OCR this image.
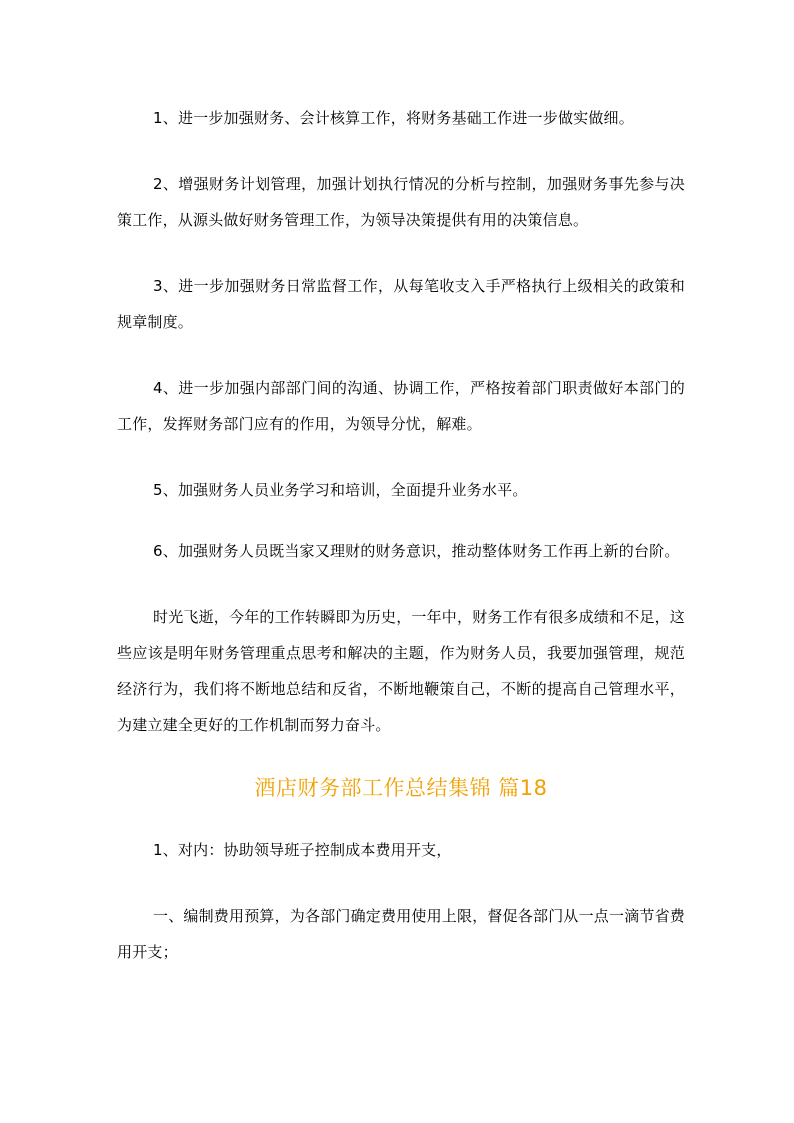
1、进一步加强财务、会计核算工作，将财务基础工作进一步做实做细。

2、增强财务计划管理，加强计划执行情况的分析与控制，加强财务事先参与决策工作，从源头做好财务管理工作，为领导决策提供有用的决策信息。

3、进一步加强财务日常监督工作，从每笔收支入手严格执行上级相关的政策和规章制度。

4、进一步加强内部部门间的沟通、协调工作，严格按着部门职责做好本部门的工作，发挥财务部门应有的作用，为领导分忧，解难。

5、加强财务人员业务学习和培训，全面提升业务水平。

6、加强财务人员既当家又理财的财务意识，推动整体财务工作再上新的台阶。

时光飞逝，今年的工作转瞬即为历史，一年中，财务工作有很多成绩和不足，这些应该是明年财务管理重点思考和解决的主题，作为财务人员，我要加强管理，规范经济行为，我们将不断地总结和反省，不断地鞭策自己，不断的提高自己管理水平，为建立建全更好的工作机制而努力奋斗。

酒店财务部工作总结集锦 篇18

1、对内：协助领导班子控制成本费用开支，

一、编制费用预算，为各部门确定费用使用上限，督促各部门从一点一滴节省费用开支；
